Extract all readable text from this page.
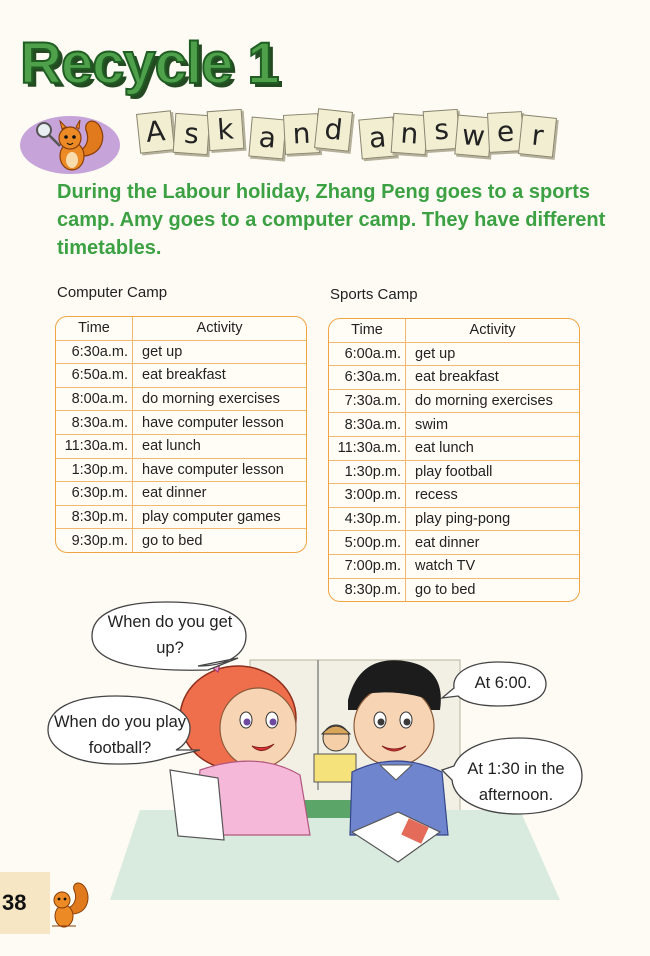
Recycle 1
A s k a n d a n s w e r
During the Labour holiday, Zhang Peng goes to a sports camp. Amy goes to a computer camp. They have different timetables.
Computer Camp
Time	Activity
6:30a.m.	get up
6:50a.m.	eat breakfast
8:00a.m.	do morning exercises
8:30a.m.	have computer lesson
11:30a.m.	eat lunch
1:30p.m.	have computer lesson
6:30p.m.	eat dinner
8:30p.m.	play computer games
9:30p.m.	go to bed
Sports Camp
Time	Activity
6:00a.m.	get up
6:30a.m.	eat breakfast
7:30a.m.	do morning exercises
8:30a.m.	swim
11:30a.m.	eat lunch
1:30p.m.	play football
3:00p.m.	recess
4:30p.m.	play ping-pong
5:00p.m.	eat dinner
7:00p.m.	watch TV
8:30p.m.	go to bed
When do you get up?
When do you play football?
At 6:00.
At 1:30 in the afternoon.
38
